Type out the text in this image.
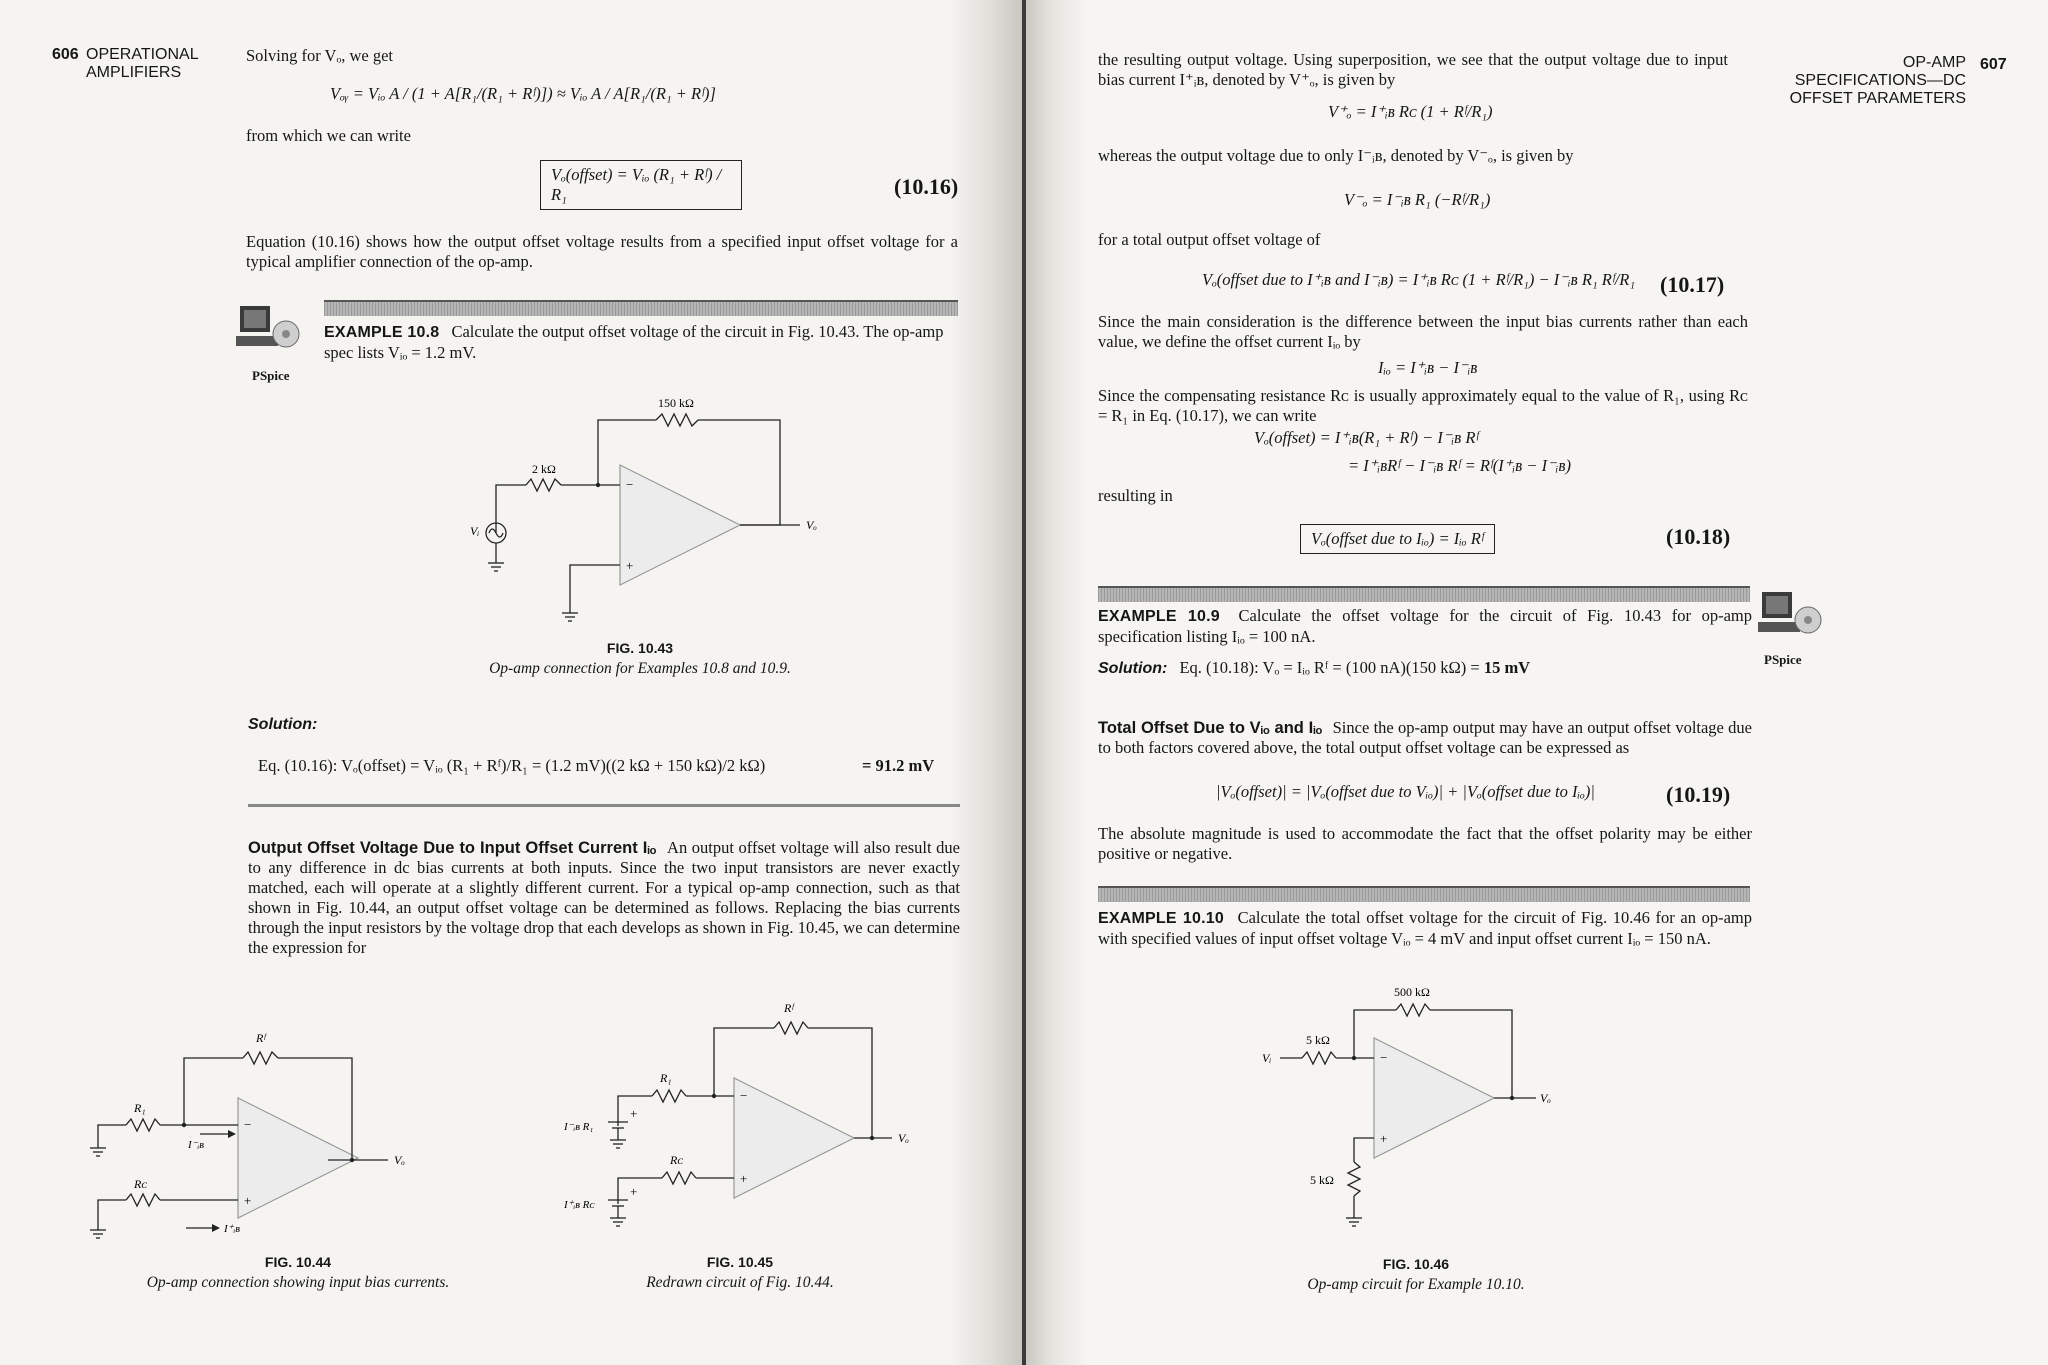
606 OPERATIONAL
AMPLIFIERS
Solving for Vₒ, we get
Vₒᵧ = Vᵢₒ A / (1 + A[R₁/(R₁ + Rᶠ)]) ≈ Vᵢₒ A / A[R₁/(R₁ + Rᶠ)]
from which we can write
Vₒ(offset) = Vᵢₒ (R₁ + Rᶠ) / R₁	(10.16)
Equation (10.16) shows how the output offset voltage results from a specified input offset voltage for a typical amplifier connection of the op-amp.
PSpice
EXAMPLE 10.8 Calculate the output offset voltage of the circuit in Fig. 10.43. The op-amp spec lists Vᵢₒ = 1.2 mV.
150 kΩ
2 kΩ
Vᵢ	Vₒ
−
+
FIG. 10.43
Op-amp connection for Examples 10.8 and 10.9.
Solution:
Eq. (10.16): Vₒ(offset) = Vᵢₒ (R₁ + Rᶠ)/R₁ = (1.2 mV)((2 kΩ + 150 kΩ)/2 kΩ)	= 91.2 mV
Output Offset Voltage Due to Input Offset Current Iᵢₒ An output offset voltage will also result due to any difference in dc bias currents at both inputs. Since the two input transistors are never exactly matched, each will operate at a slightly different current. For a typical op-amp connection, such as that shown in Fig. 10.44, an output offset voltage can be determined as follows. Replacing the bias currents through the input resistors by the voltage drop that each develops as shown in Fig. 10.45, we can determine the expression for
Rᶠ
R₁
Rᴄ
I⁻ᵢʙ
I⁺ᵢʙ
Vₒ
−
+
FIG. 10.44
Op-amp connection showing input bias currents.
+
+
I⁻ᵢʙ R₁
I⁺ᵢʙ Rᴄ
Rᶠ
R₁
Rᴄ
Vₒ
−
+
FIG. 10.45
Redrawn circuit of Fig. 10.44.
OP-AMP
SPECIFICATIONS—DC
OFFSET PARAMETERS
607
the resulting output voltage. Using superposition, we see that the output voltage due to input bias current I⁺ᵢʙ, denoted by V⁺ₒ, is given by
V⁺ₒ = I⁺ᵢʙ Rᴄ (1 + Rᶠ/R₁)
whereas the output voltage due to only I⁻ᵢʙ, denoted by V⁻ₒ, is given by
V⁻ₒ = I⁻ᵢʙ R₁ (−Rᶠ/R₁)
for a total output offset voltage of
Vₒ(offset due to I⁺ᵢʙ and I⁻ᵢʙ) = I⁺ᵢʙ Rᴄ (1 + Rᶠ/R₁) − I⁻ᵢʙ R₁ Rᶠ/R₁	(10.17)
Since the main consideration is the difference between the input bias currents rather than each value, we define the offset current Iᵢₒ by
Iᵢₒ = I⁺ᵢʙ − I⁻ᵢʙ
Since the compensating resistance Rᴄ is usually approximately equal to the value of R₁, using Rᴄ = R₁ in Eq. (10.17), we can write
Vₒ(offset) = I⁺ᵢʙ(R₁ + Rᶠ) − I⁻ᵢʙ Rᶠ
= I⁺ᵢʙRᶠ − I⁻ᵢʙ Rᶠ = Rᶠ(I⁺ᵢʙ − I⁻ᵢʙ)
resulting in
Vₒ(offset due to Iᵢₒ) = Iᵢₒ Rᶠ	(10.18)
EXAMPLE 10.9 Calculate the offset voltage for the circuit of Fig. 10.43 for op-amp specification listing Iᵢₒ = 100 nA.
Solution: Eq. (10.18): Vₒ = Iᵢₒ Rᶠ = (100 nA)(150 kΩ) = 15 mV	PSpice
Total Offset Due to Vᵢₒ and Iᵢₒ Since the op-amp output may have an output offset voltage due to both factors covered above, the total output offset voltage can be expressed as
|Vₒ(offset)| = |Vₒ(offset due to Vᵢₒ)| + |Vₒ(offset due to Iᵢₒ)|	(10.19)
The absolute magnitude is used to accommodate the fact that the offset polarity may be either positive or negative.
EXAMPLE 10.10 Calculate the total offset voltage for the circuit of Fig. 10.46 for an op-amp with specified values of input offset voltage Vᵢₒ = 4 mV and input offset current Iᵢₒ = 150 nA.
500 kΩ
5 kΩ
5 kΩ
Vᵢ
Vₒ
−
+
FIG. 10.46
Op-amp circuit for Example 10.10.
